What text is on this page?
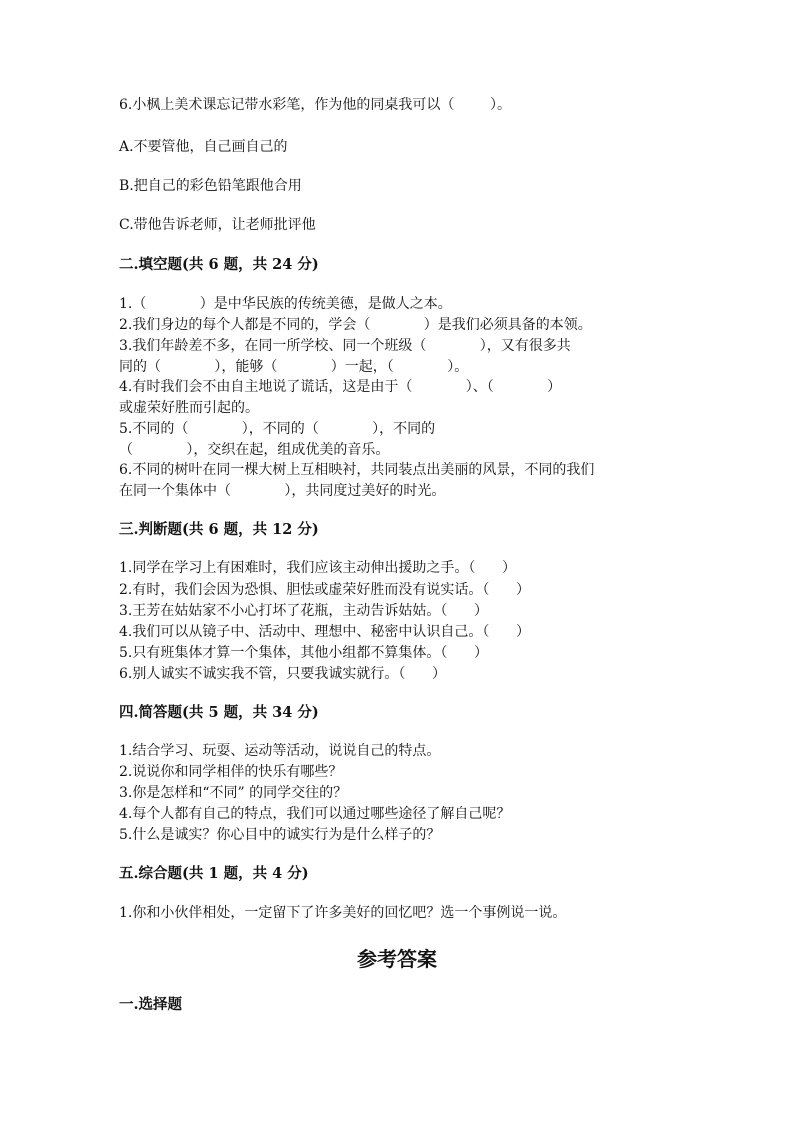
6.小枫上美术课忘记带水彩笔，作为他的同桌我可以（        ）。
A.不要管他，自己画自己的
B.把自己的彩色铅笔跟他合用
C.带他告诉老师，让老师批评他
二.填空题(共 6 题，共 24 分)
1.（            ）是中华民族的传统美德，是做人之本。
2.我们身边的每个人都是不同的，学会（            ）是我们必须具备的本领。
3.我们年龄差不多，在同一所学校、同一个班级（            ），又有很多共
同的（            ），能够（            ）一起，（            ）。
4.有时我们会不由自主地说了谎话，这是由于（            ）、（            ）
或虚荣好胜而引起的。
5.不同的（            ），不同的（            ），不同的
（            ），交织在起，组成优美的音乐。
6.不同的树叶在同一棵大树上互相映衬，共同装点出美丽的风景，不同的我们
在同一个集体中（            ），共同度过美好的时光。
三.判断题(共 6 题，共 12 分)
1.同学在学习上有困难时，我们应该主动伸出援助之手。（      ）
2.有时，我们会因为恐惧、胆怯或虚荣好胜而没有说实话。（      ）
3.王芳在姑姑家不小心打坏了花瓶，主动告诉姑姑。（      ）
4.我们可以从镜子中、活动中、理想中、秘密中认识自己。（      ）
5.只有班集体才算一个集体，其他小组都不算集体。（      ）
6.别人诚实不诚实我不管，只要我诚实就行。（      ）
四.简答题(共 5 题，共 34 分)
1.结合学习、玩耍、运动等活动，说说自己的特点。
2.说说你和同学相伴的快乐有哪些？
3.你是怎样和“不同” 的同学交往的？
4.每个人都有自己的特点，我们可以通过哪些途径了解自己呢？
5.什么是诚实？你心目中的诚实行为是什么样子的？
五.综合题(共 1 题，共 4 分)
1.你和小伙伴相处，一定留下了许多美好的回忆吧？选一个事例说一说。
参考答案
一.选择题
